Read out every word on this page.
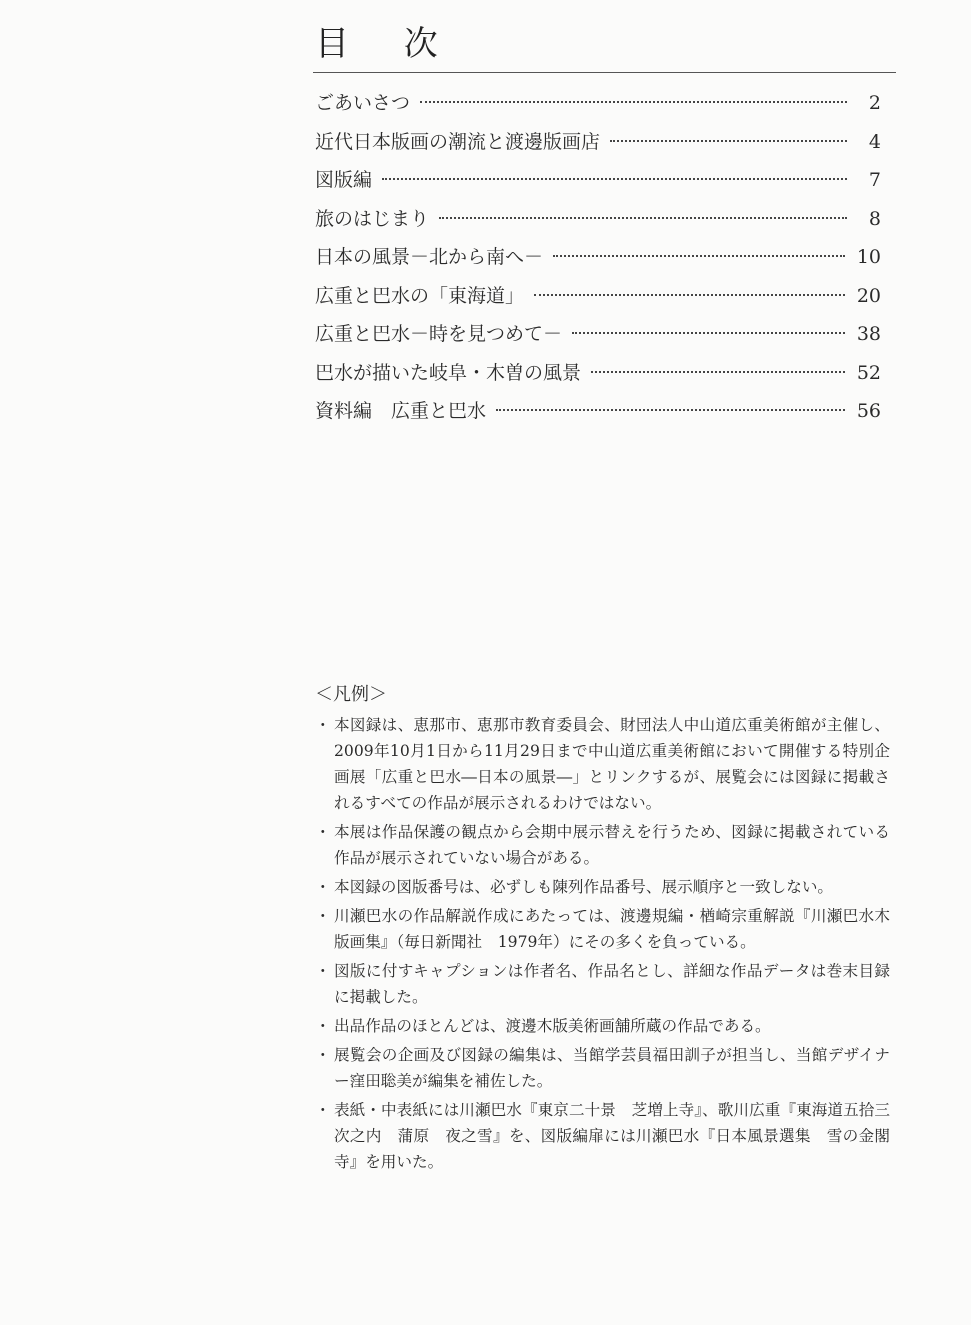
目 次
ごあいさつ	2
近代日本版画の潮流と渡邊版画店	4
図版編	7
旅のはじまり	8
日本の風景－北から南へ－	10
広重と巴水の「東海道」	20
広重と巴水－時を見つめて－	38
巴水が描いた岐阜・木曽の風景	52
資料編　広重と巴水	56
＜凡例＞
・ 本図録は、恵那市、恵那市教育委員会、財団法人中山道広重美術館が主催し、2009年10月1日から11月29日まで中山道広重美術館において開催する特別企画展「広重と巴水―日本の風景―」とリンクするが、展覧会には図録に掲載されるすべての作品が展示されるわけではない。
・ 本展は作品保護の観点から会期中展示替えを行うため、図録に掲載されている作品が展示されていない場合がある。
・ 本図録の図版番号は、必ずしも陳列作品番号、展示順序と一致しない。
・ 川瀬巴水の作品解説作成にあたっては、渡邊規編・楢崎宗重解説『川瀬巴水木版画集』（毎日新聞社　1979年）にその多くを負っている。
・ 図版に付すキャプションは作者名、作品名とし、詳細な作品データは巻末目録に掲載した。
・ 出品作品のほとんどは、渡邊木版美術画舗所蔵の作品である。
・ 展覧会の企画及び図録の編集は、当館学芸員福田訓子が担当し、当館デザイナー窪田聡美が編集を補佐した。
・ 表紙・中表紙には川瀬巴水『東京二十景　芝増上寺』、歌川広重『東海道五拾三次之内　蒲原　夜之雪』を、図版編扉には川瀬巴水『日本風景選集　雪の金閣寺』を用いた。
